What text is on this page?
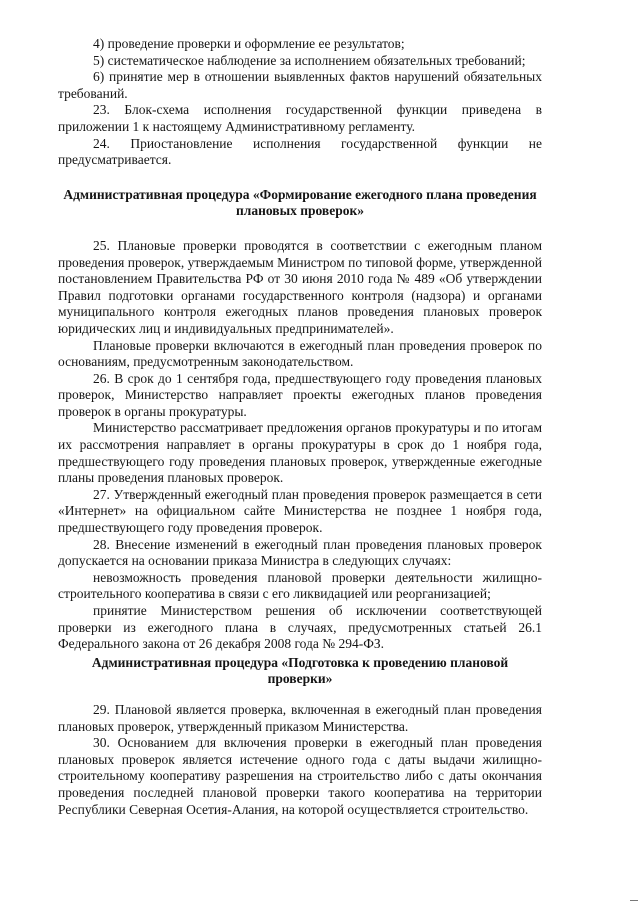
4) проведение проверки и оформление ее результатов;

5) систематическое наблюдение за исполнением обязательных требований;

6) принятие мер в отношении выявленных фактов нарушений обязательных требований.

23. Блок-схема исполнения государственной функции приведена в приложении 1 к настоящему Административному регламенту.

24. Приостановление исполнения государственной функции не предусматривается.

Административная процедура «Формирование ежегодного плана проведения плановых проверок»

25. Плановые проверки проводятся в соответствии с ежегодным планом проведения проверок, утверждаемым Министром по типовой форме, утвержденной постановлением Правительства РФ от 30 июня 2010 года № 489 «Об утверждении Правил подготовки органами государственного контроля (надзора) и органами муниципального контроля ежегодных планов проведения плановых проверок юридических лиц и индивидуальных предпринимателей».

Плановые проверки включаются в ежегодный план проведения проверок по основаниям, предусмотренным законодательством.

26. В срок до 1 сентября года, предшествующего году проведения плановых проверок, Министерство направляет проекты ежегодных планов проведения проверок в органы прокуратуры.

Министерство рассматривает предложения органов прокуратуры и по итогам их рассмотрения направляет в органы прокуратуры в срок до 1 ноября года, предшествующего году проведения плановых проверок, утвержденные ежегодные планы проведения плановых проверок.

27. Утвержденный ежегодный план проведения проверок размещается в сети «Интернет» на официальном сайте Министерства не позднее 1 ноября года, предшествующего году проведения проверок.

28. Внесение изменений в ежегодный план проведения плановых проверок допускается на основании приказа Министра в следующих случаях:

невозможность проведения плановой проверки деятельности жилищно-строительного кооператива в связи с его ликвидацией или реорганизацией;

принятие Министерством решения об исключении соответствующей проверки из ежегодного плана в случаях, предусмотренных статьей 26.1 Федерального закона от 26 декабря 2008 года № 294-ФЗ.

Административная процедура «Подготовка к проведению плановой проверки»

29. Плановой является проверка, включенная в ежегодный план проведения плановых проверок, утвержденный приказом Министерства.

30. Основанием для включения проверки в ежегодный план проведения плановых проверок является истечение одного года с даты выдачи жилищно-строительному кооперативу разрешения на строительство либо с даты окончания проведения последней плановой проверки такого кооператива на территории Республики Северная Осетия-Алания, на которой осуществляется строительство.
